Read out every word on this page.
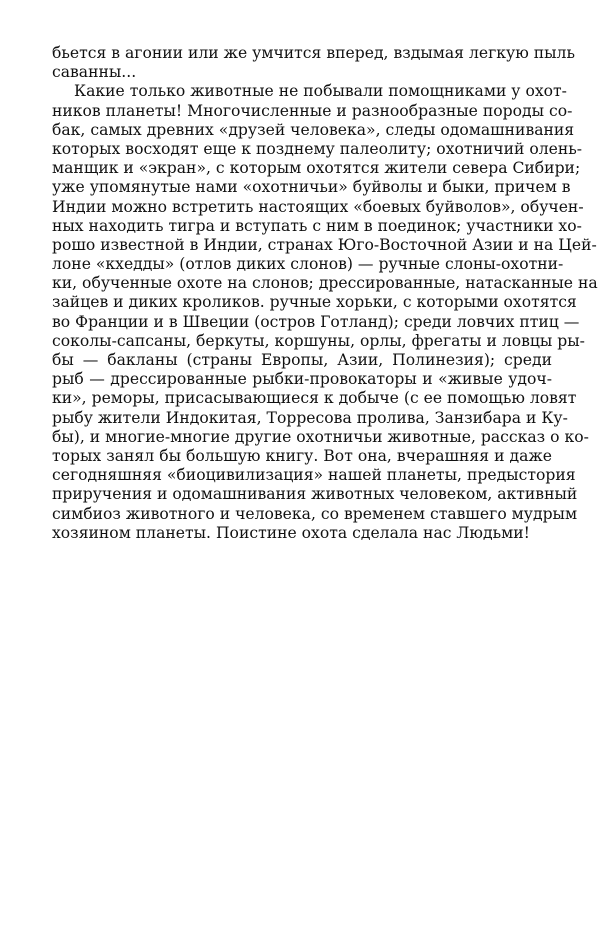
бьется в агонии или же умчится вперед, вздымая легкую пыль
саванны...
Какие только животные не побывали помощниками у охот-
ников планеты! Многочисленные и разнообразные породы со-
бак, самых древних «друзей человека», следы одомашнивания
которых восходят еще к позднему палеолиту; охотничий олень-
манщик и «экран», с которым охотятся жители севера Сибири;
уже упомянутые нами «охотничьи» буйволы и быки, причем в
Индии можно встретить настоящих «боевых буйволов», обучен-
ных находить тигра и вступать с ним в поединок; участники хо-
рошо известной в Индии, странах Юго-Восточной Азии и на Цей-
лоне «кхедды» (отлов диких слонов) — ручные слоны-охотни-
ки, обученные охоте на слонов; дрессированные, натасканные на
зайцев и диких кроликов. ручные хорьки, с которыми охотятся
во Франции и в Швеции (остров Готланд); среди ловчих птиц —
соколы-сапсаны, беркуты, коршуны, орлы, фрегаты и ловцы ры-
бы — бакланы (страны Европы, Азии, Полинезия); среди
рыб — дрессированные рыбки-провокаторы и «живые удоч-
ки», реморы, присасывающиеся к добыче (с ее помощью ловят
рыбу жители Индокитая, Торресова пролива, Занзибара и Ку-
бы), и многие-многие другие охотничьи животные, рассказ о ко-
торых занял бы большую книгу. Вот она, вчерашняя и даже
сегодняшняя «биоцивилизация» нашей планеты, предыстория
приручения и одомашнивания животных человеком, активный
симбиоз животного и человека, со временем ставшего мудрым
хозяином планеты. Поистине охота сделала нас Людьми!
